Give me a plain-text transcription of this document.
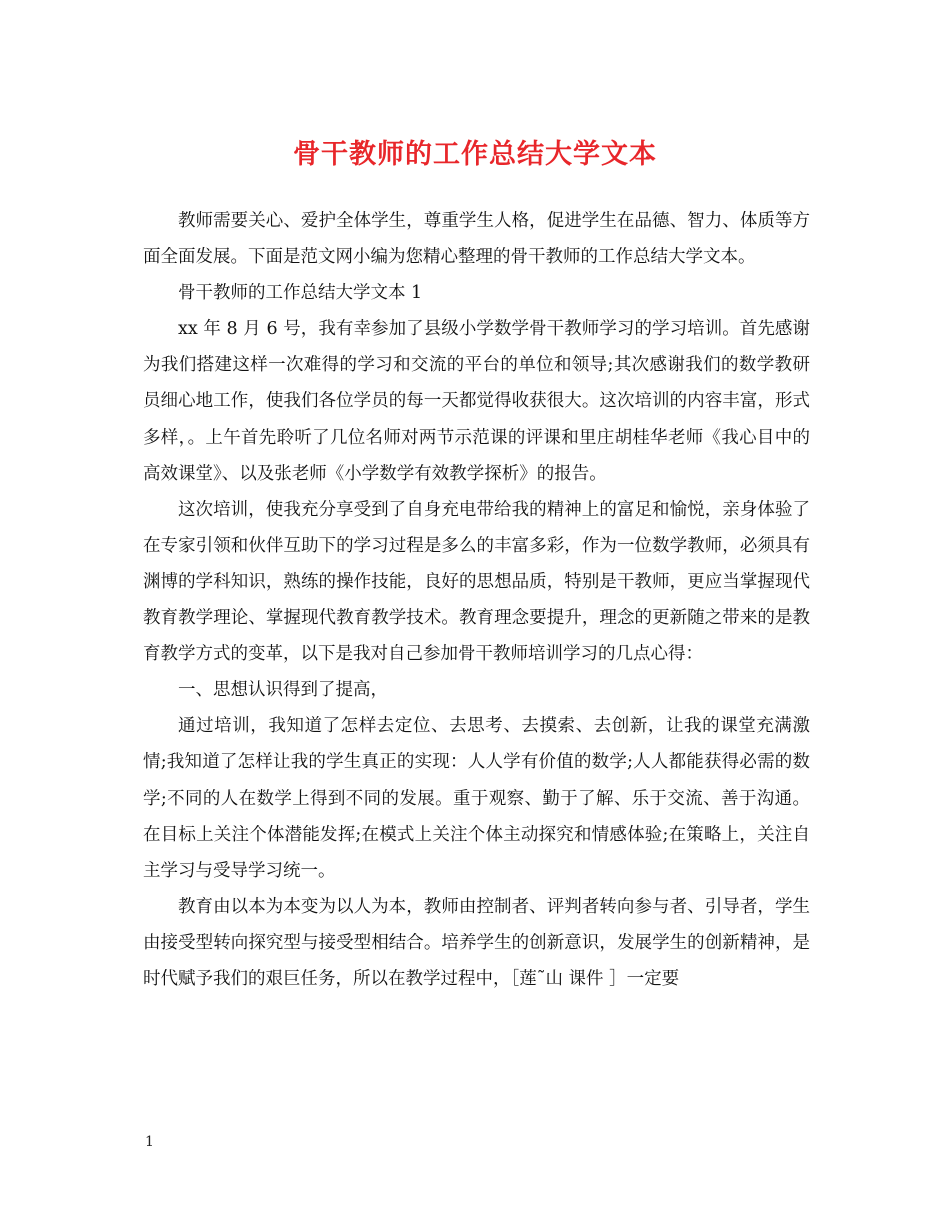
骨干教师的工作总结大学文本

教师需要关心、爱护全体学生，尊重学生人格，促进学生在品德、智力、体质等方面全面发展。下面是范文网小编为您精心整理的骨干教师的工作总结大学文本。

骨干教师的工作总结大学文本 1

xx 年 8 月 6 号，我有幸参加了县级小学数学骨干教师学习的学习培训。首先感谢为我们搭建这样一次难得的学习和交流的平台的单位和领导;其次感谢我们的数学教研员细心地工作，使我们各位学员的每一天都觉得收获很大。这次培训的内容丰富，形式多样，。上午首先聆听了几位名师对两节示范课的评课和里庄胡桂华老师《我心目中的高效课堂》、以及张老师《小学数学有效教学探析》的报告。

这次培训，使我充分享受到了自身充电带给我的精神上的富足和愉悦，亲身体验了在专家引领和伙伴互助下的学习过程是多么的丰富多彩，作为一位数学教师，必须具有渊博的学科知识，熟练的操作技能，良好的思想品质，特别是干教师，更应当掌握现代教育教学理论、掌握现代教育教学技术。教育理念要提升，理念的更新随之带来的是教育教学方式的变革，以下是我对自己参加骨干教师培训学习的几点心得：

一、思想认识得到了提高，

通过培训，我知道了怎样去定位、去思考、去摸索、去创新，让我的课堂充满激情;我知道了怎样让我的学生真正的实现：人人学有价值的数学;人人都能获得必需的数学;不同的人在数学上得到不同的发展。重于观察、勤于了解、乐于交流、善于沟通。在目标上关注个体潜能发挥;在模式上关注个体主动探究和情感体验;在策略上，关注自主学习与受导学习统一。

教育由以本为本变为以人为本，教师由控制者、评判者转向参与者、引导者，学生由接受型转向探究型与接受型相结合。培养学生的创新意识，发展学生的创新精神，是时代赋予我们的艰巨任务，所以在教学过程中，［莲˜山 课件 ］一定要

1
